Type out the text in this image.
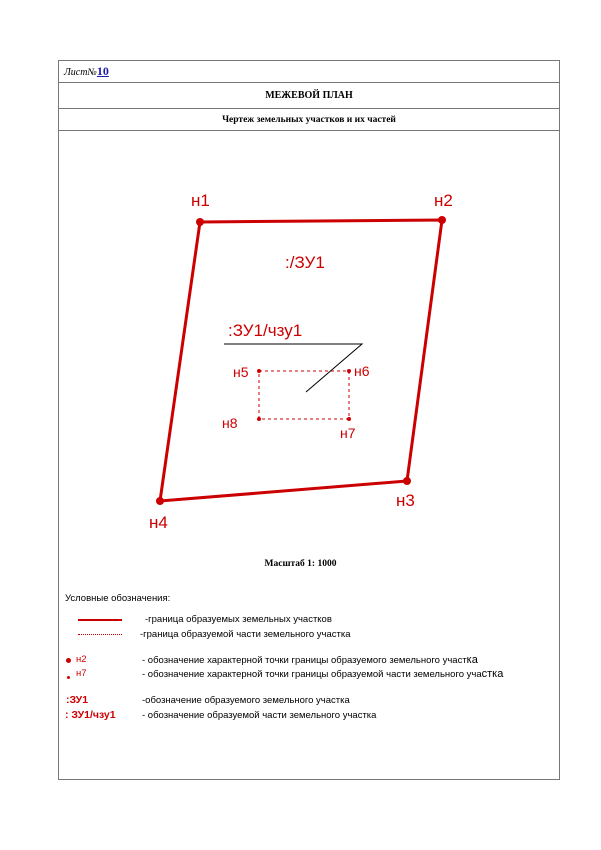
Лист№10
МЕЖЕВОЙ ПЛАН
Чертеж земельных участков и их частей
н1	н2
н3
н4
н5	н6
н7
н8
:/ЗУ1
:ЗУ1/чзу1
Масштаб 1: 1000
Условные обозначения:
-граница образуемых земельных участков
-граница образуемой части земельного участка
н2	- обозначение характерной точки границы образуемого земельного участка
н7	- обозначение характерной точки границы образуемой части земельного участка
:ЗУ1	-обозначение образуемого земельного участка
: ЗУ1/чзу1	- обозначение образуемой части земельного участка
